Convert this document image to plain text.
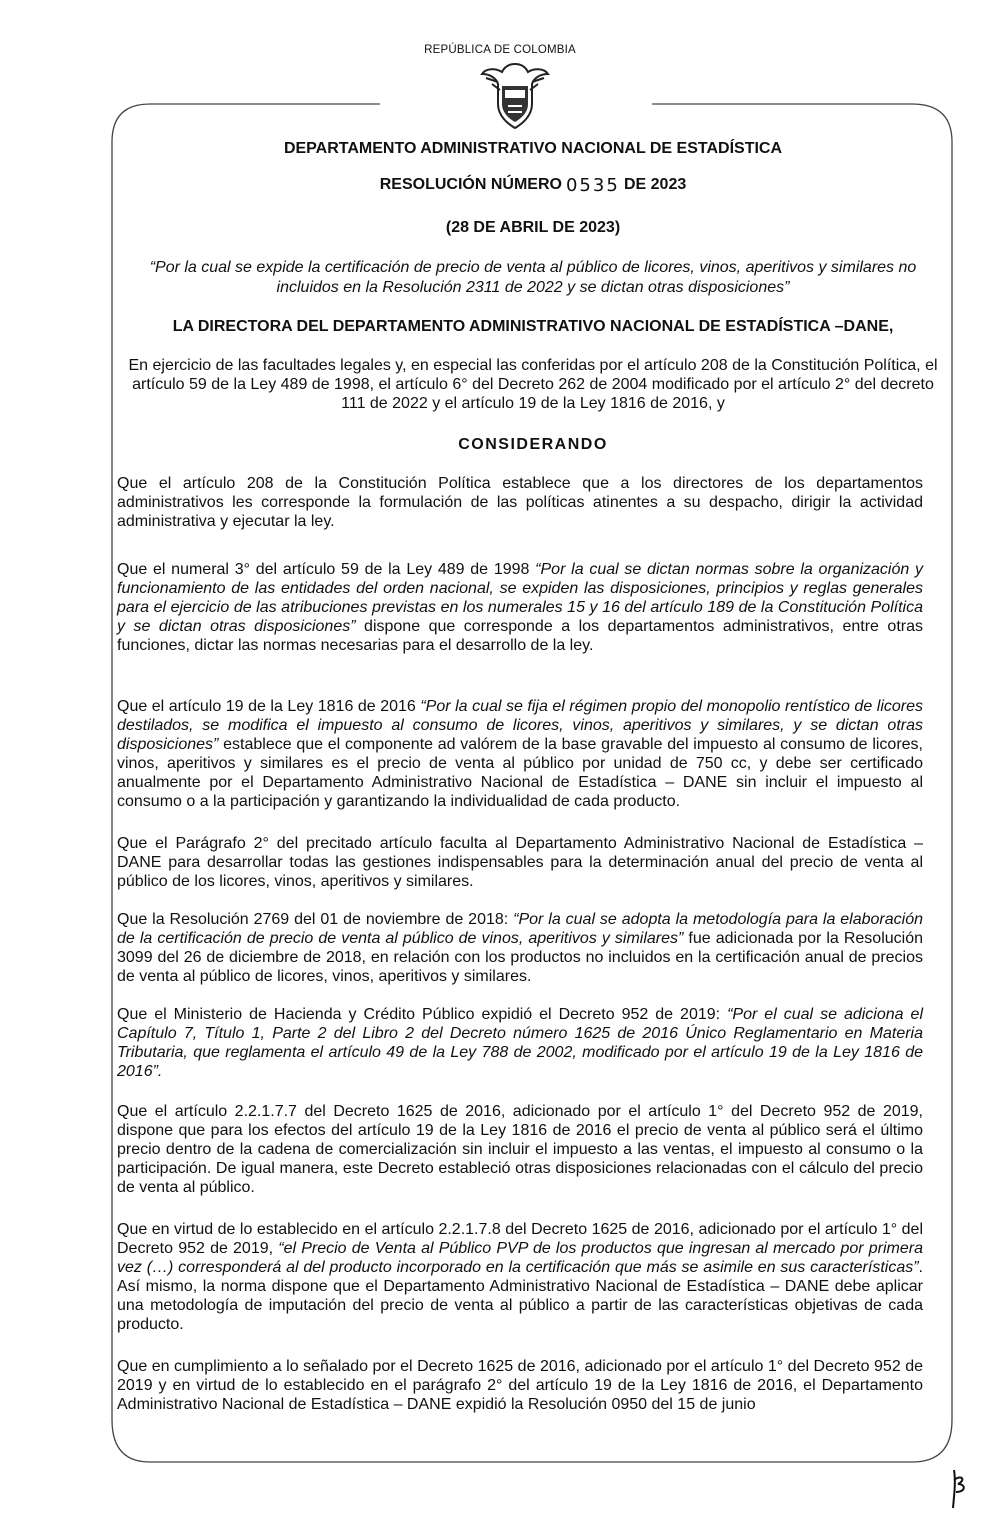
REPÚBLICA DE COLOMBIA
DEPARTAMENTO ADMINISTRATIVO NACIONAL DE ESTADÍSTICA
RESOLUCIÓN NÚMERO 0535 DE 2023
(28 DE ABRIL DE 2023)
“Por la cual se expide la certificación de precio de venta al público de licores, vinos, aperitivos y similares no incluidos en la Resolución 2311 de 2022 y se dictan otras disposiciones”
LA DIRECTORA DEL DEPARTAMENTO ADMINISTRATIVO NACIONAL DE ESTADÍSTICA –DANE,
En ejercicio de las facultades legales y, en especial las conferidas por el artículo 208 de la Constitución Política, el artículo 59 de la Ley 489 de 1998, el artículo 6° del Decreto 262 de 2004 modificado por el artículo 2° del decreto 111 de 2022 y el artículo 19 de la Ley 1816 de 2016, y
CONSIDERANDO
Que el artículo 208 de la Constitución Política establece que a los directores de los departamentos administrativos les corresponde la formulación de las políticas atinentes a su despacho, dirigir la actividad administrativa y ejecutar la ley.
Que el numeral 3° del artículo 59 de la Ley 489 de 1998 “Por la cual se dictan normas sobre la organización y funcionamiento de las entidades del orden nacional, se expiden las disposiciones, principios y reglas generales para el ejercicio de las atribuciones previstas en los numerales 15 y 16 del artículo 189 de la Constitución Política y se dictan otras disposiciones” dispone que corresponde a los departamentos administrativos, entre otras funciones, dictar las normas necesarias para el desarrollo de la ley.
Que el artículo 19 de la Ley 1816 de 2016 “Por la cual se fija el régimen propio del monopolio rentístico de licores destilados, se modifica el impuesto al consumo de licores, vinos, aperitivos y similares, y se dictan otras disposiciones” establece que el componente ad valórem de la base gravable del impuesto al consumo de licores, vinos, aperitivos y similares es el precio de venta al público por unidad de 750 cc, y debe ser certificado anualmente por el Departamento Administrativo Nacional de Estadística – DANE sin incluir el impuesto al consumo o a la participación y garantizando la individualidad de cada producto.
Que el Parágrafo 2° del precitado artículo faculta al Departamento Administrativo Nacional de Estadística – DANE para desarrollar todas las gestiones indispensables para la determinación anual del precio de venta al público de los licores, vinos, aperitivos y similares.
Que la Resolución 2769 del 01 de noviembre de 2018: “Por la cual se adopta la metodología para la elaboración de la certificación de precio de venta al público de vinos, aperitivos y similares” fue adicionada por la Resolución 3099 del 26 de diciembre de 2018, en relación con los productos no incluidos en la certificación anual de precios de venta al público de licores, vinos, aperitivos y similares.
Que el Ministerio de Hacienda y Crédito Público expidió el Decreto 952 de 2019: “Por el cual se adiciona el Capítulo 7, Título 1, Parte 2 del Libro 2 del Decreto número 1625 de 2016 Único Reglamentario en Materia Tributaria, que reglamenta el artículo 49 de la Ley 788 de 2002, modificado por el artículo 19 de la Ley 1816 de 2016”.
Que el artículo 2.2.1.7.7 del Decreto 1625 de 2016, adicionado por el artículo 1° del Decreto 952 de 2019, dispone que para los efectos del artículo 19 de la Ley 1816 de 2016 el precio de venta al público será el último precio dentro de la cadena de comercialización sin incluir el impuesto a las ventas, el impuesto al consumo o la participación. De igual manera, este Decreto estableció otras disposiciones relacionadas con el cálculo del precio de venta al público.
Que en virtud de lo establecido en el artículo 2.2.1.7.8 del Decreto 1625 de 2016, adicionado por el artículo 1° del Decreto 952 de 2019, “el Precio de Venta al Público PVP de los productos que ingresan al mercado por primera vez (…) corresponderá al del producto incorporado en la certificación que más se asimile en sus características”. Así mismo, la norma dispone que el Departamento Administrativo Nacional de Estadística – DANE debe aplicar una metodología de imputación del precio de venta al público a partir de las características objetivas de cada producto.
Que en cumplimiento a lo señalado por el Decreto 1625 de 2016, adicionado por el artículo 1° del Decreto 952 de 2019 y en virtud de lo establecido en el parágrafo 2° del artículo 19 de la Ley 1816 de 2016, el Departamento Administrativo Nacional de Estadística – DANE expidió la Resolución 0950 del 15 de junio
